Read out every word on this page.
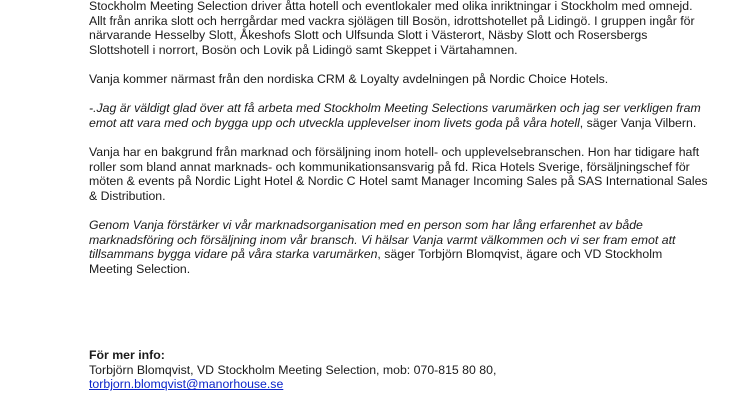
Stockholm Meeting Selection driver åtta hotell och eventlokaler med olika inriktningar i Stockholm med omnejd. Allt från anrika slott och herrgårdar med vackra sjölägen till Bosön, idrottshotellet på Lidingö. I gruppen ingår för närvarande Hesselby Slott, Åkeshofs Slott och Ulfsunda Slott i Västerort, Näsby Slott och Rosersbergs Slottshotell i norrort, Bosön och Lovik på Lidingö samt Skeppet i Värtahamnen.

Vanja kommer närmast från den nordiska CRM & Loyalty avdelningen på Nordic Choice Hotels.

-.Jag är väldigt glad över att få arbeta med Stockholm Meeting Selections varumärken och jag ser verkligen fram emot att vara med och bygga upp och utveckla upplevelser inom livets goda på våra hotell, säger Vanja Vilbern.

Vanja har en bakgrund från marknad och försäljning inom hotell- och upplevelsebranschen. Hon har tidigare haft roller som bland annat marknads- och kommunikationsansvarig på fd. Rica Hotels Sverige, försäljningschef för möten & events på Nordic Light Hotel & Nordic C Hotel samt Manager Incoming Sales på SAS International Sales & Distribution.

Genom Vanja förstärker vi vår marknadsorganisation med en person som har lång erfarenhet av både marknadsföring och försäljning inom vår bransch. Vi hälsar Vanja varmt välkommen och vi ser fram emot att tillsammans bygga vidare på våra starka varumärken, säger Torbjörn Blomqvist, ägare och VD Stockholm Meeting Selection.

För mer info:

Torbjörn Blomqvist, VD Stockholm Meeting Selection, mob: 070-815 80 80,

torbjorn.blomqvist@manorhouse.se
